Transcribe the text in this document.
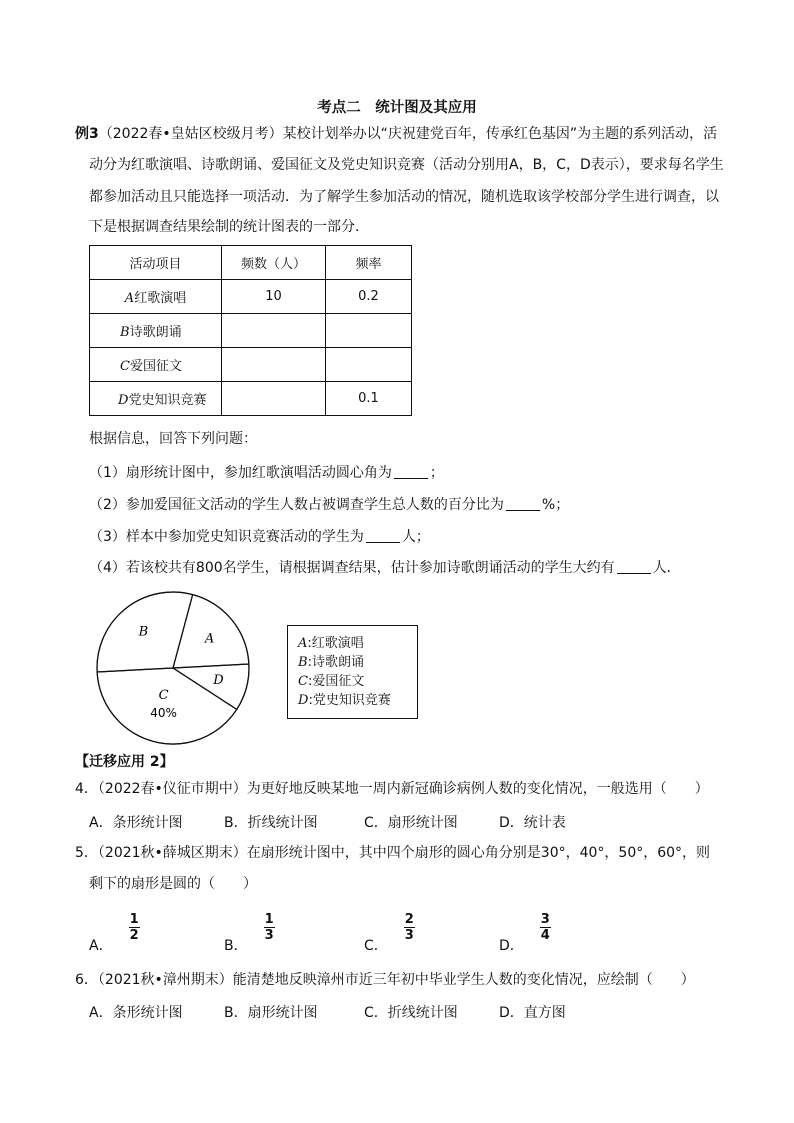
考点二　统计图及其应用
例3（2022春•皇姑区校级月考）某校计划举办以“庆祝建党百年，传承红色基因”为主题的系列活动，活
动分为红歌演唱、诗歌朗诵、爱国征文及党史知识竞赛（活动分别用A，B，C，D表示），要求每名学生
都参加活动且只能选择一项活动．为了解学生参加活动的情况，随机选取该学校部分学生进行调查，以
下是根据调查结果绘制的统计图表的一部分．
活动项目	频数（人）	频率
A红歌演唱	10	0.2
B诗歌朗诵		
C爱国征文		
D党史知识竞赛		0.1
根据信息，回答下列问题：
（1）扇形统计图中，参加红歌演唱活动圆心角为	；
（2）参加爱国征文活动的学生人数占被调查学生总人数的百分比为	%；
（3）样本中参加党史知识竞赛活动的学生为	人；
（4）若该校共有800名学生，请根据调查结果，估计参加诗歌朗诵活动的学生大约有	人．
A
D
C
40%
B
A:红歌演唱
B:诗歌朗诵
C:爱国征文
D:党史知识竞赛
【迁移应用 2】
4．（2022春•仪征市期中）为更好地反映某地一周内新冠确诊病例人数的变化情况，一般选用（　　）
A．条形统计图	B．折线统计图	C．扇形统计图	D．统计表
5．（2021秋•薛城区期末）在扇形统计图中，其中四个扇形的圆心角分别是30°，40°，50°，60°，则
剩下的扇形是圆的（　　）
A．
$\frac{1}{2}$
B．
$\frac{1}{3}$
C．
$\frac{2}{3}$
D．
$\frac{3}{4}$
6．（2021秋•漳州期末）能清楚地反映漳州市近三年初中毕业学生人数的变化情况，应绘制（　　）
A．条形统计图	B．扇形统计图	C．折线统计图	D．直方图
